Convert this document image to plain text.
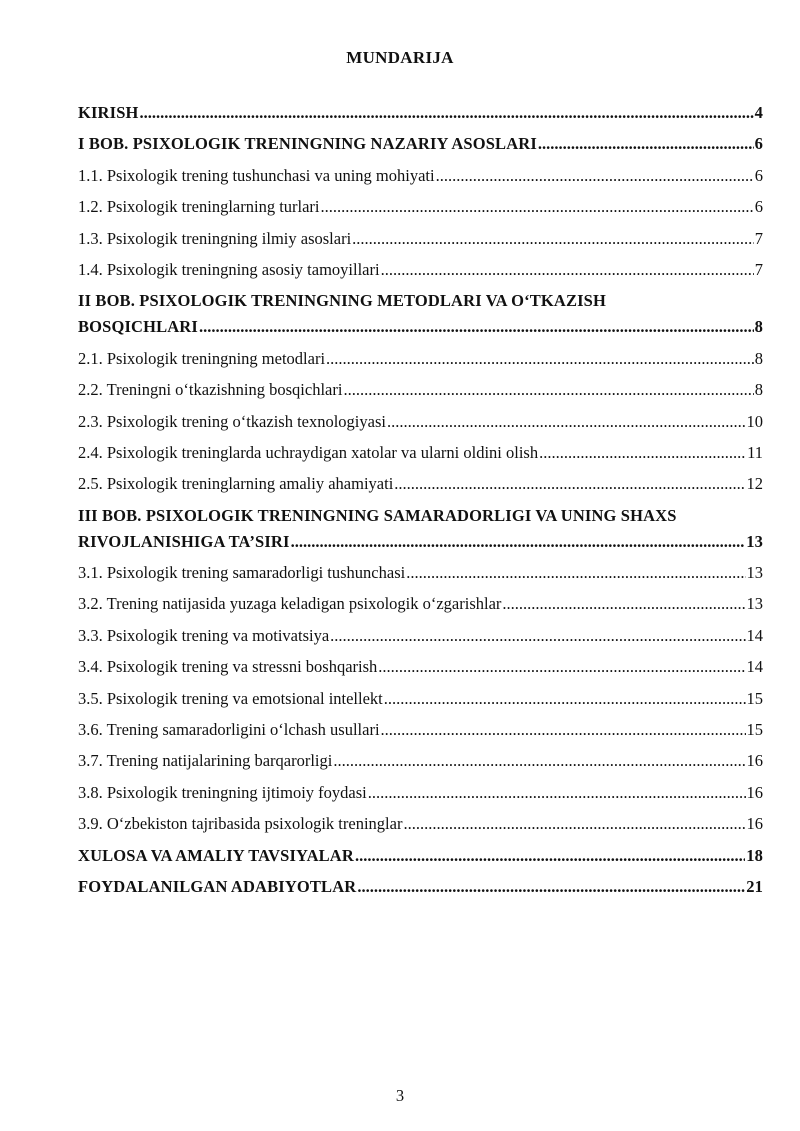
MUNDARIJA
KIRISH .....	4
I BOB. PSIXOLOGIK TRENINGNING NAZARIY ASOSLARI .....	6
1.1. Psixologik trening tushunchasi va uning mohiyati .....	6
1.2. Psixologik treninglarning turlari .....	6
1.3. Psixologik treningning ilmiy asoslari .....	7
1.4. Psixologik treningning asosiy tamoyillari .....	7
II BOB. PSIXOLOGIK TRENINGNING METODLARI VA O‘TKAZISH
BOSQICHLARI .....	8
2.1. Psixologik treningning metodlari .....	8
2.2. Treningni o‘tkazishning bosqichlari .....	8
2.3. Psixologik trening o‘tkazish texnologiyasi .....	10
2.4. Psixologik treninglarda uchraydigan xatolar va ularni oldini olish .....	11
2.5. Psixologik treninglarning amaliy ahamiyati .....	12
III BOB. PSIXOLOGIK TRENINGNING SAMARADORLIGI VA UNING SHAXS
RIVOJLANISHIGA TA’SIRI .....	13
3.1. Psixologik trening samaradorligi tushunchasi .....	13
3.2. Trening natijasida yuzaga keladigan psixologik o‘zgarishlar .....	13
3.3. Psixologik trening va motivatsiya .....	14
3.4. Psixologik trening va stressni boshqarish .....	14
3.5. Psixologik trening va emotsional intellekt .....	15
3.6. Trening samaradorligini o‘lchash usullari .....	15
3.7. Trening natijalarining barqarorligi .....	16
3.8. Psixologik treningning ijtimoiy foydasi .....	16
3.9. O‘zbekiston tajribasida psixologik treninglar .....	16
XULOSA VA AMALIY TAVSIYALAR .....	18
FOYDALANILGAN ADABIYOTLAR .....	21
3
